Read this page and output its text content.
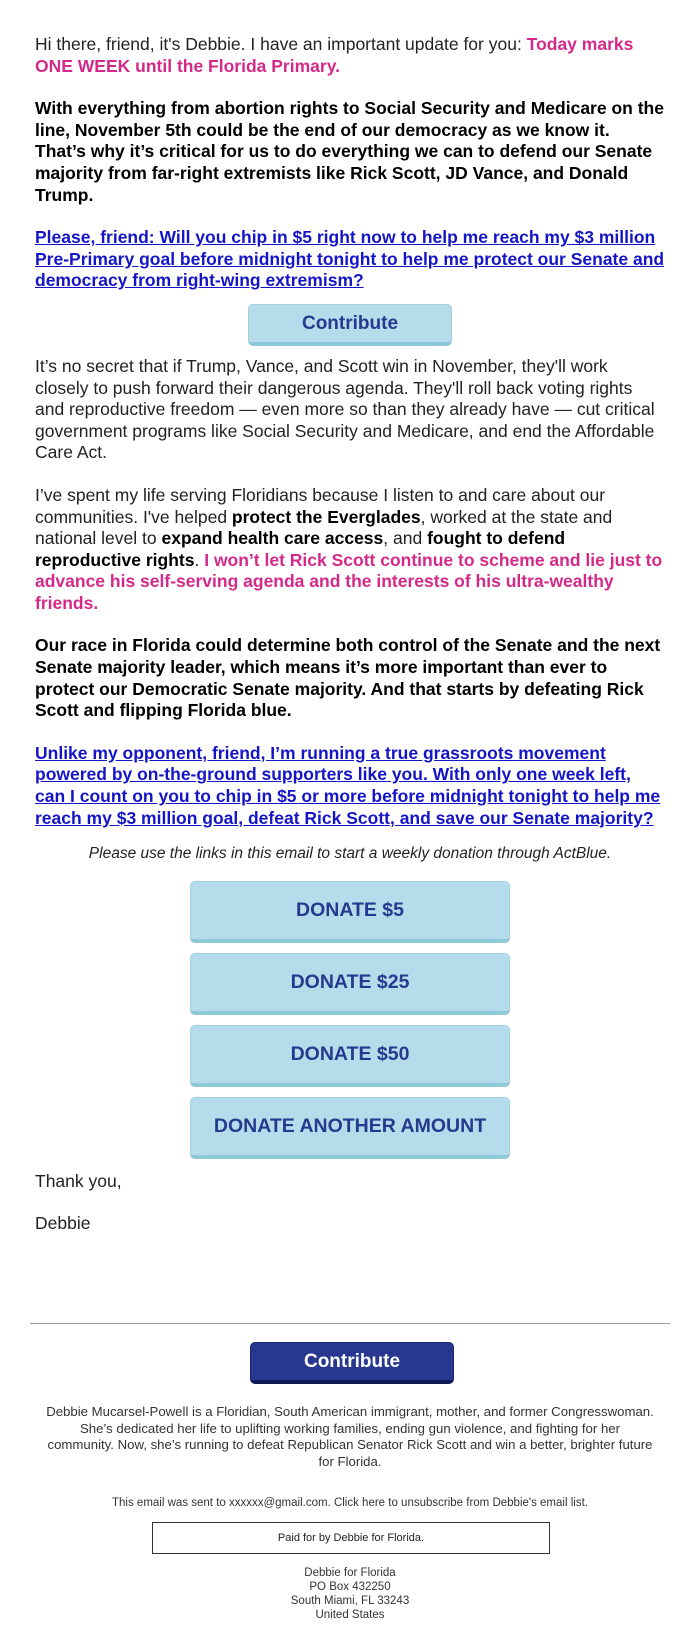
Hi there, friend, it's Debbie. I have an important update for you: Today marks ONE WEEK until the Florida Primary.

With everything from abortion rights to Social Security and Medicare on the line, November 5th could be the end of our democracy as we know it. That’s why it’s critical for us to do everything we can to defend our Senate majority from far-right extremists like Rick Scott, JD Vance, and Donald Trump.

Please, friend: Will you chip in $5 right now to help me reach my $3 million Pre-Primary goal before midnight tonight to help me protect our Senate and democracy from right-wing extremism?

Contribute

It’s no secret that if Trump, Vance, and Scott win in November, they'll work closely to push forward their dangerous agenda. They'll roll back voting rights and reproductive freedom — even more so than they already have — cut critical government programs like Social Security and Medicare, and end the Affordable Care Act.

I’ve spent my life serving Floridians because I listen to and care about our communities. I've helped protect the Everglades, worked at the state and national level to expand health care access, and fought to defend reproductive rights. I won’t let Rick Scott continue to scheme and lie just to advance his self-serving agenda and the interests of his ultra-wealthy friends.

Our race in Florida could determine both control of the Senate and the next Senate majority leader, which means it’s more important than ever to protect our Democratic Senate majority. And that starts by defeating Rick Scott and flipping Florida blue.

Unlike my opponent, friend, I’m running a true grassroots movement powered by on-the-ground supporters like you. With only one week left, can I count on you to chip in $5 or more before midnight tonight to help me reach my $3 million goal, defeat Rick Scott, and save our Senate majority?

Please use the links in this email to start a weekly donation through ActBlue.

DONATE $5
DONATE $25
DONATE $50
DONATE ANOTHER AMOUNT

Thank you,

Debbie

Contribute
Debbie Mucarsel-Powell is a Floridian, South American immigrant, mother, and former Congresswoman. She’s dedicated her life to uplifting working families, ending gun violence, and fighting for her community. Now, she’s running to defeat Republican Senator Rick Scott and win a better, brighter future for Florida.
This email was sent to xxxxxx@gmail.com. Click here to unsubscribe from Debbie's email list.
Paid for by Debbie for Florida.
Debbie for Florida
PO Box 432250
South Miami, FL 33243
United States
